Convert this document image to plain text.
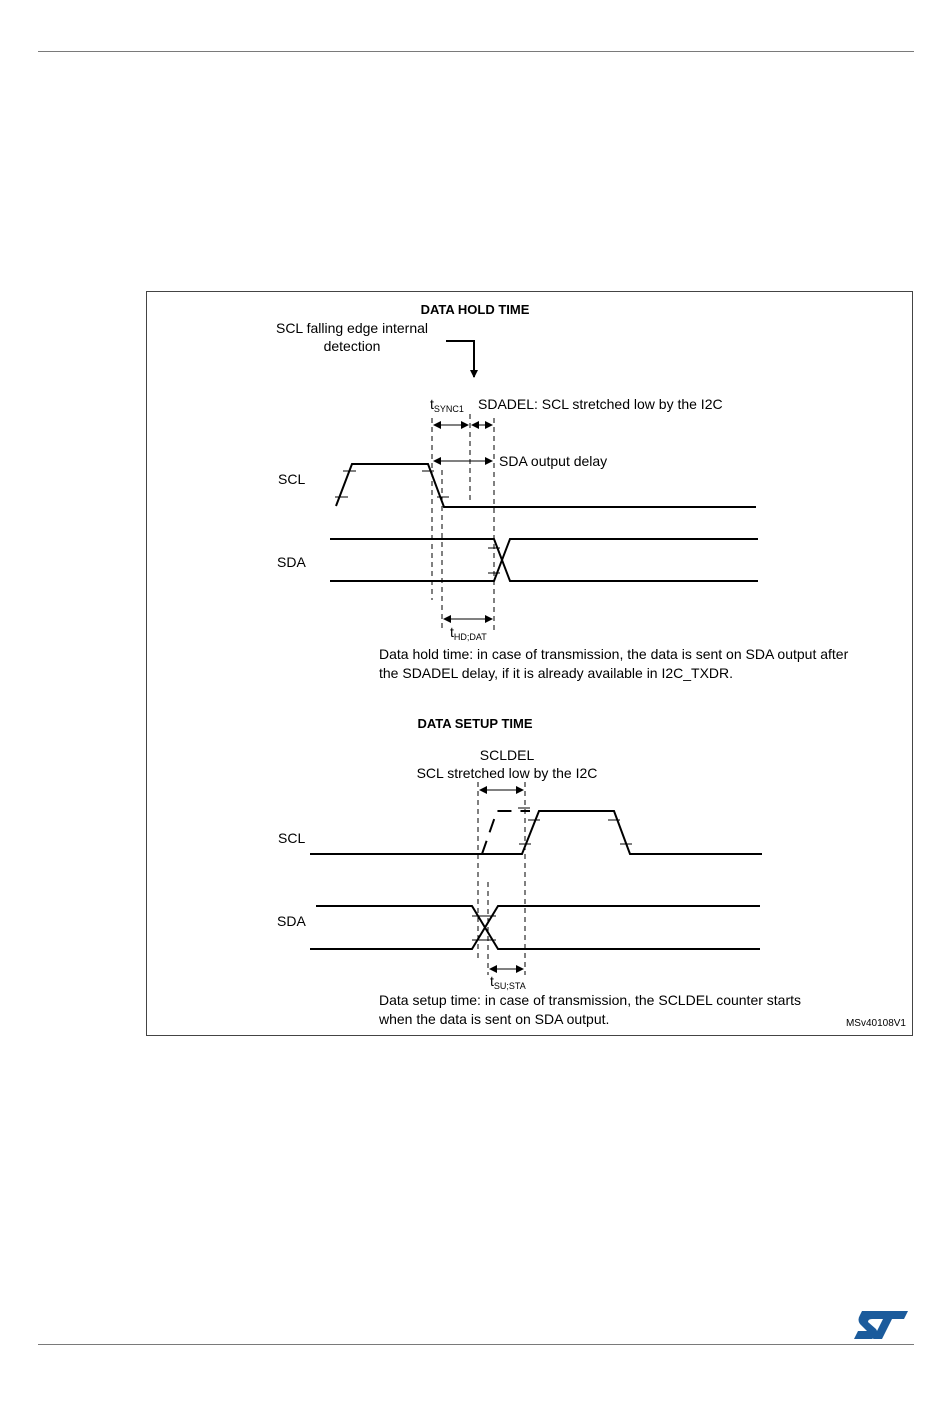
DATA HOLD TIME
SCL falling edge internal
detection
$t_{SYNC1}$ SDADEL: SCL stretched low by the I2C
SDA output delay
SCL
SDA
$t_{HD;DAT}$
Data hold time: in case of transmission, the data is sent on SDA output after
the SDADEL delay, if it is already available in I2C_TXDR.
DATA SETUP TIME
SCLDEL
SCL stretched low by the I2C
SCL
SDA
$t_{SU;STA}$
Data setup time: in case of transmission, the SCLDEL counter starts
when the data is sent on SDA output.	MSv40108V1
